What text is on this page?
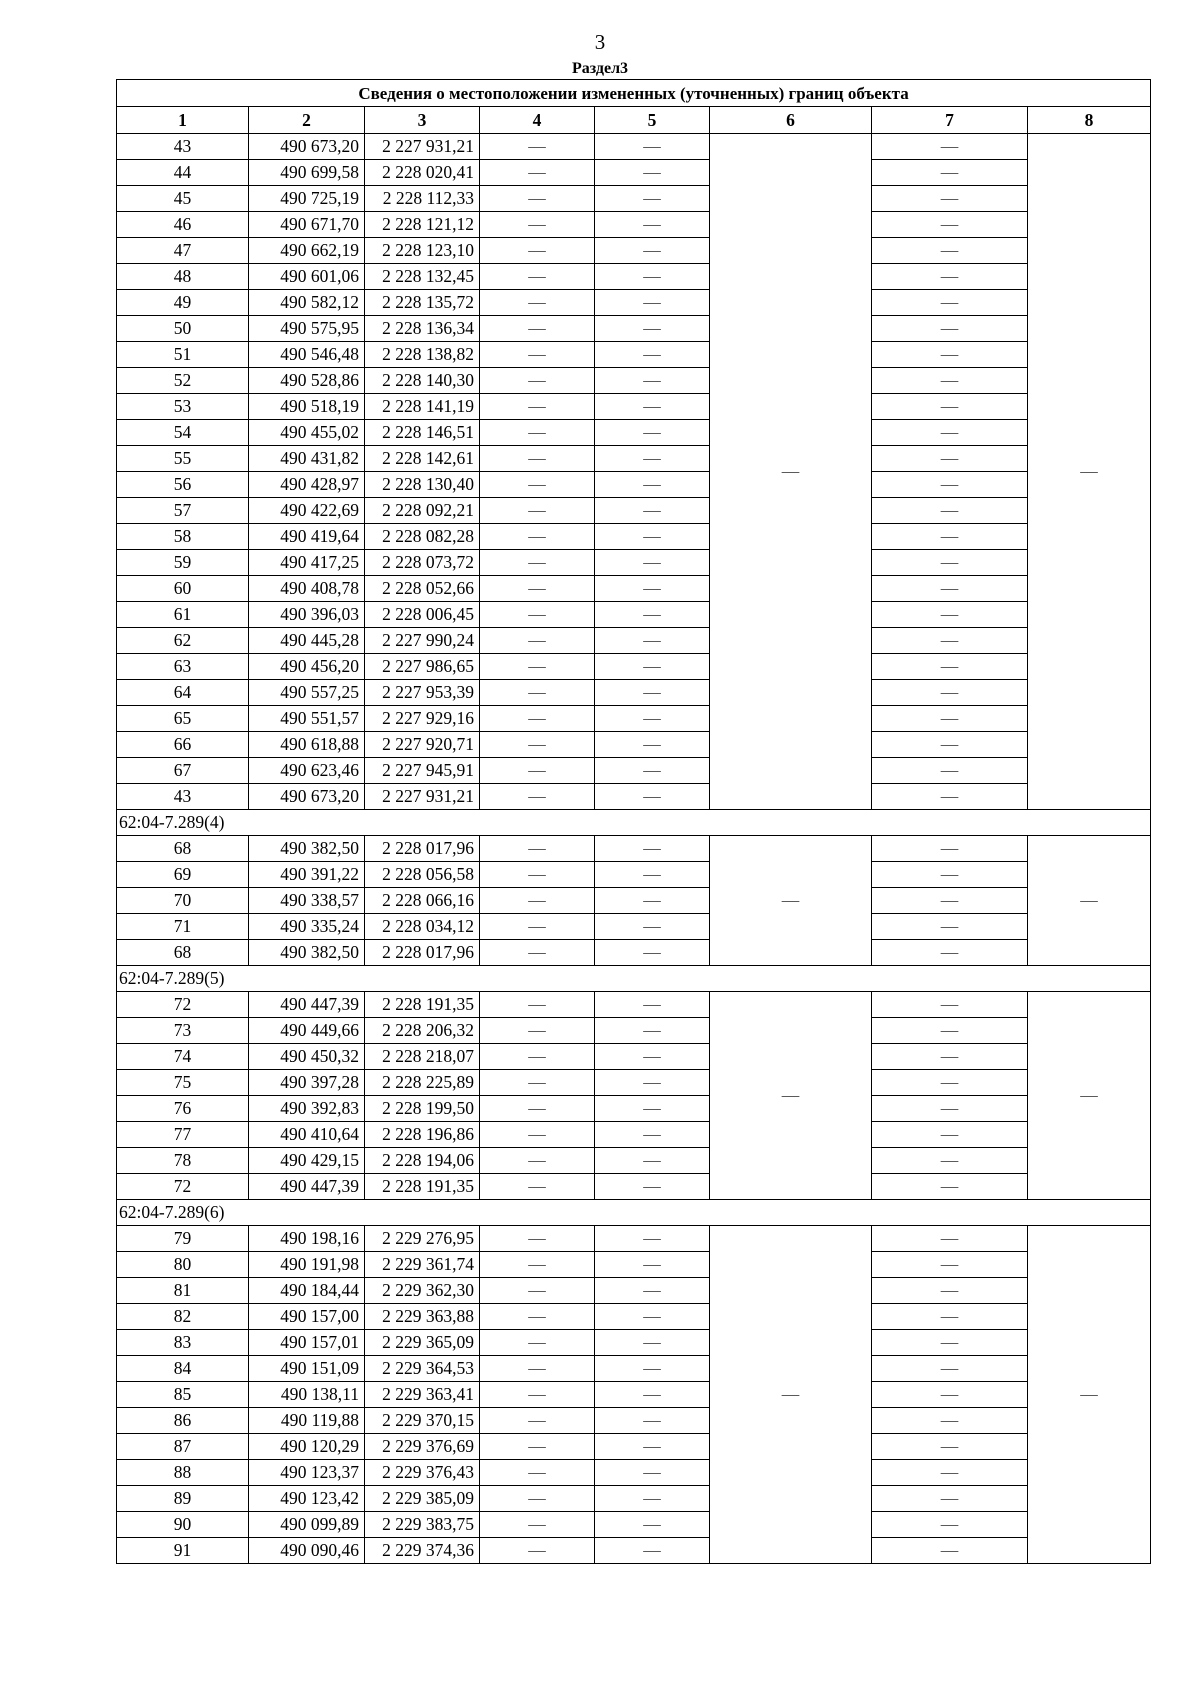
3
Раздел3
Сведения о местоположении измененных (уточненных) границ объекта							
1	2	3	4	5	6	7	8
43	490 673,20	2 227 931,21	—	—	—	—	—
44	490 699,58	2 228 020,41	—	—		—	
45	490 725,19	2 228 112,33	—	—		—	
46	490 671,70	2 228 121,12	—	—		—	
47	490 662,19	2 228 123,10	—	—		—	
48	490 601,06	2 228 132,45	—	—		—	
49	490 582,12	2 228 135,72	—	—		—	
50	490 575,95	2 228 136,34	—	—		—	
51	490 546,48	2 228 138,82	—	—		—	
52	490 528,86	2 228 140,30	—	—		—	
53	490 518,19	2 228 141,19	—	—		—	
54	490 455,02	2 228 146,51	—	—		—	
55	490 431,82	2 228 142,61	—	—		—	
56	490 428,97	2 228 130,40	—	—		—	
57	490 422,69	2 228 092,21	—	—		—	
58	490 419,64	2 228 082,28	—	—		—	
59	490 417,25	2 228 073,72	—	—		—	
60	490 408,78	2 228 052,66	—	—		—	
61	490 396,03	2 228 006,45	—	—		—	
62	490 445,28	2 227 990,24	—	—		—	
63	490 456,20	2 227 986,65	—	—		—	
64	490 557,25	2 227 953,39	—	—		—	
65	490 551,57	2 227 929,16	—	—		—	
66	490 618,88	2 227 920,71	—	—		—	
67	490 623,46	2 227 945,91	—	—		—	
43	490 673,20	2 227 931,21	—	—		—	
62:04-7.289(4)							
68	490 382,50	2 228 017,96	—	—	—	—	—
69	490 391,22	2 228 056,58	—	—		—	
70	490 338,57	2 228 066,16	—	—		—	
71	490 335,24	2 228 034,12	—	—		—	
68	490 382,50	2 228 017,96	—	—		—	
62:04-7.289(5)							
72	490 447,39	2 228 191,35	—	—	—	—	—
73	490 449,66	2 228 206,32	—	—		—	
74	490 450,32	2 228 218,07	—	—		—	
75	490 397,28	2 228 225,89	—	—		—	
76	490 392,83	2 228 199,50	—	—		—	
77	490 410,64	2 228 196,86	—	—		—	
78	490 429,15	2 228 194,06	—	—		—	
72	490 447,39	2 228 191,35	—	—		—	
62:04-7.289(6)							
79	490 198,16	2 229 276,95	—	—	—	—	—
80	490 191,98	2 229 361,74	—	—		—	
81	490 184,44	2 229 362,30	—	—		—	
82	490 157,00	2 229 363,88	—	—		—	
83	490 157,01	2 229 365,09	—	—		—	
84	490 151,09	2 229 364,53	—	—		—	
85	490 138,11	2 229 363,41	—	—		—	
86	490 119,88	2 229 370,15	—	—		—	
87	490 120,29	2 229 376,69	—	—		—	
88	490 123,37	2 229 376,43	—	—		—	
89	490 123,42	2 229 385,09	—	—		—	
90	490 099,89	2 229 383,75	—	—		—	
91	490 090,46	2 229 374,36	—	—		—	
